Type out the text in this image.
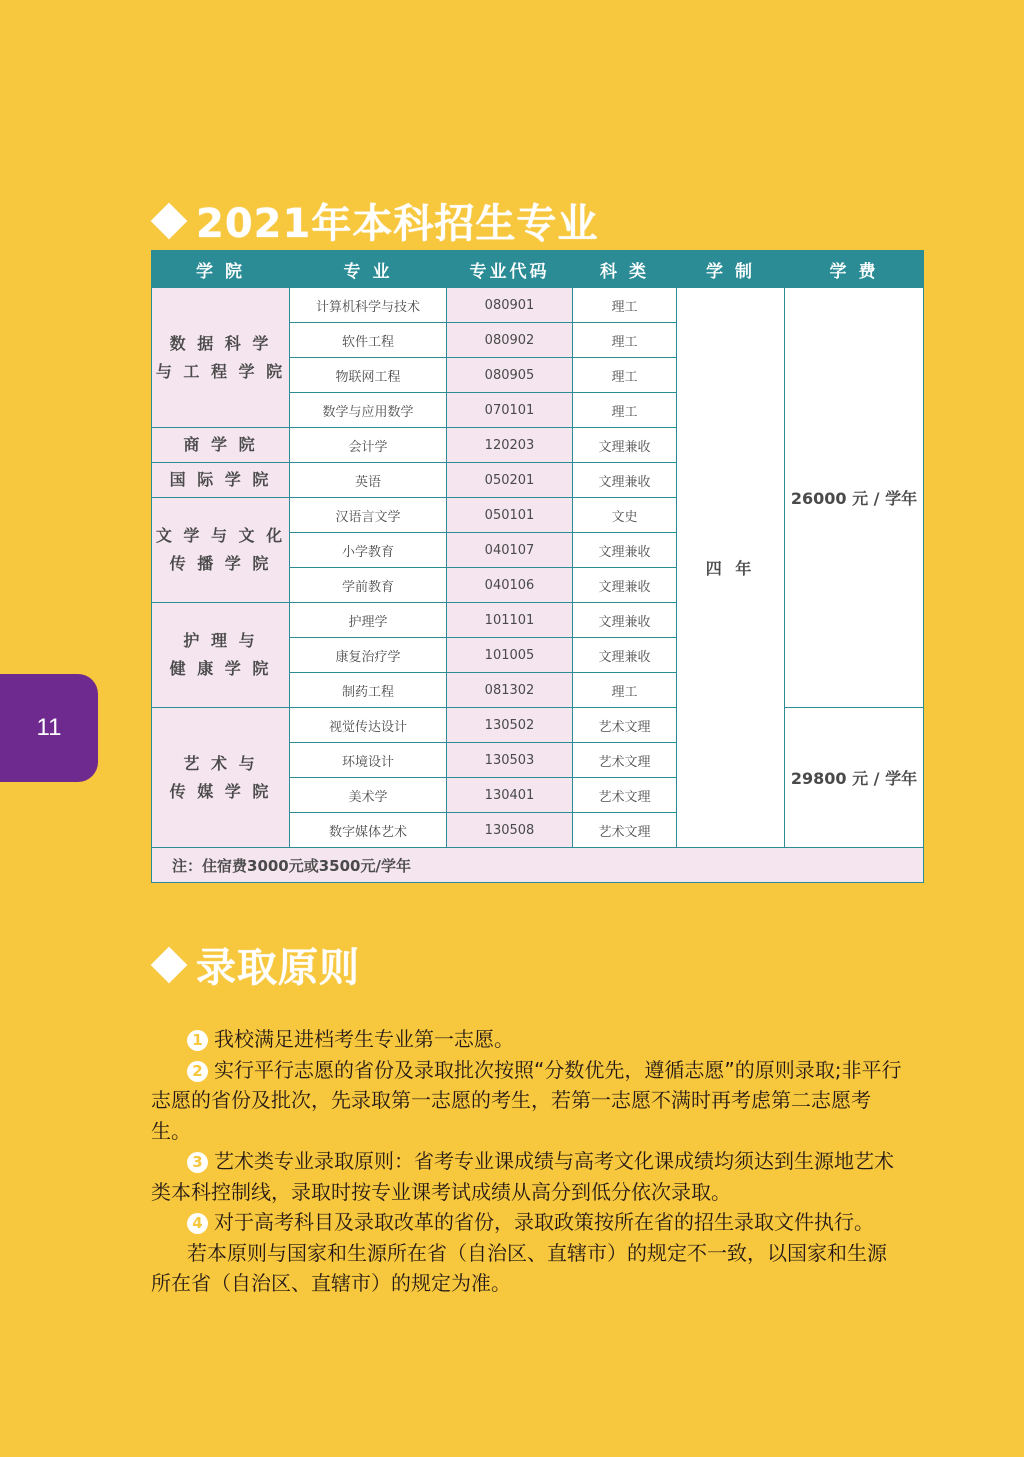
11
2021年本科招生专业
学 院	专 业	专业代码	科 类	学 制	学 费
数 据 科 学
与 工 程 学 院	计算机科学与技术	080901	理工	四 年	26000 元 / 学年
	软件工程	080902	理工		
	物联网工程	080905	理工		
	数学与应用数学	070101	理工		
商 学 院	会计学	120203	文理兼收		
国 际 学 院	英语	050201	文理兼收		
文 学 与 文 化
传 播 学 院	汉语言文学	050101	文史		
	小学教育	040107	文理兼收		
	学前教育	040106	文理兼收		
护 理 与
健 康 学 院	护理学	101101	文理兼收		
	康复治疗学	101005	文理兼收		
	制药工程	081302	理工		
艺 术 与
传 媒 学 院	视觉传达设计	130502	艺术文理		29800 元 / 学年
	环境设计	130503	艺术文理		
	美术学	130401	艺术文理		
	数字媒体艺术	130508	艺术文理		
注：住宿费3000元或3500元/学年					
录取原则

1 我校满足进档考生专业第一志愿。

2 实行平行志愿的省份及录取批次按照“分数优先，遵循志愿”的原则录取;非平行志愿的省份及批次，先录取第一志愿的考生，若第一志愿不满时再考虑第二志愿考生。

3 艺术类专业录取原则：省考专业课成绩与高考文化课成绩均须达到生源地艺术类本科控制线，录取时按专业课考试成绩从高分到低分依次录取。

4 对于高考科目及录取改革的省份，录取政策按所在省的招生录取文件执行。

若本原则与国家和生源所在省（自治区、直辖市）的规定不一致，以国家和生源所在省（自治区、直辖市）的规定为准。
